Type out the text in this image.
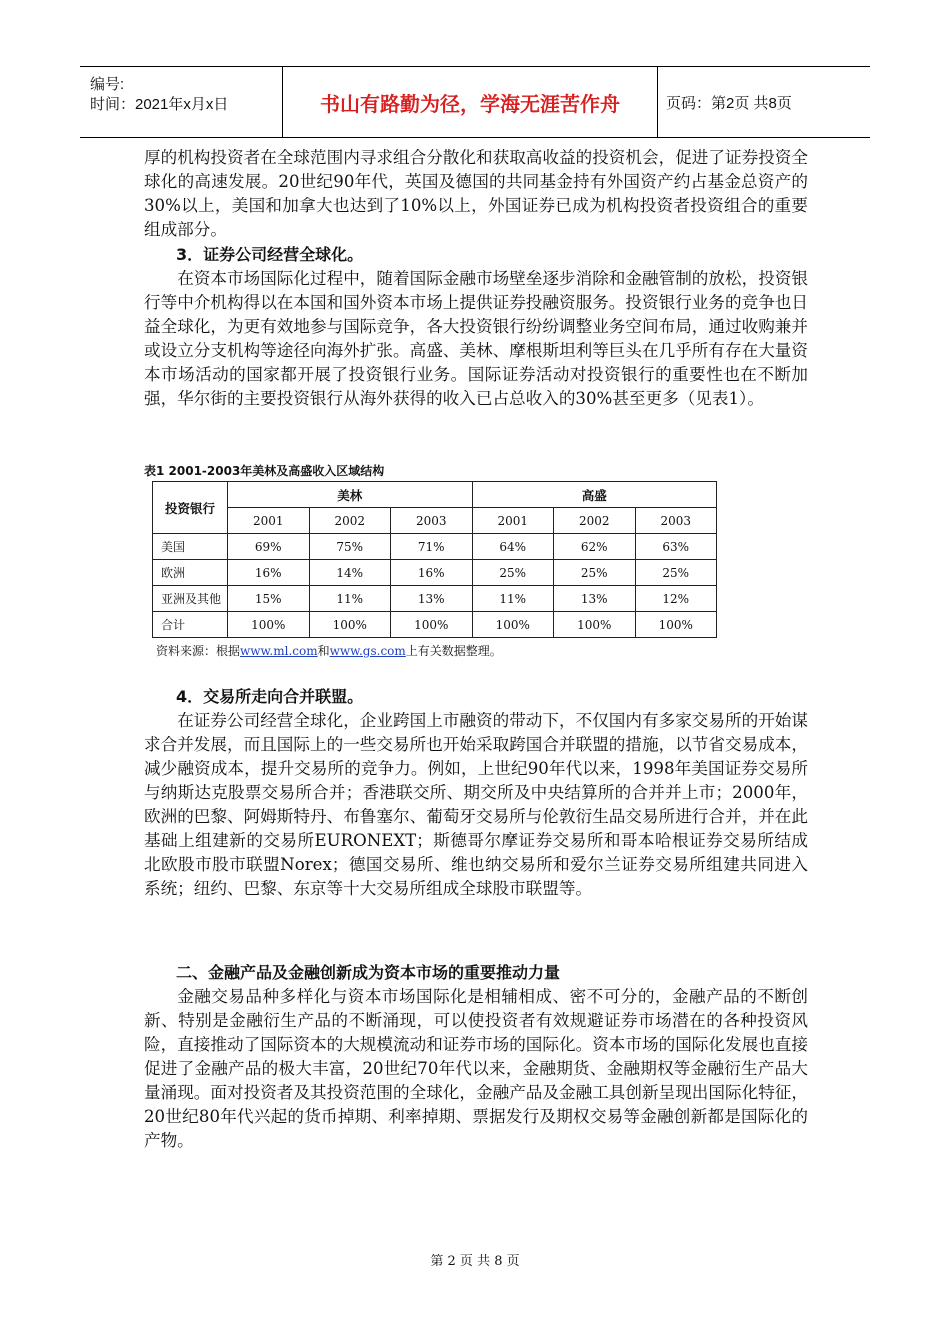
编号:
时间：2021年x月x日	书山有路勤为径，学海无涯苦作舟	页码：第2页 共8页

厚的机构投资者在全球范围内寻求组合分散化和获取高收益的投资机会，促进了证券投资全球化的高速发展。20世纪90年代，英国及德国的共同基金持有外国资产约占基金总资产的30%以上，美国和加拿大也达到了10%以上，外国证券已成为机构投资者投资组合的重要组成部分。

3．证券公司经营全球化。

在资本市场国际化过程中，随着国际金融市场壁垒逐步消除和金融管制的放松，投资银行等中介机构得以在本国和国外资本市场上提供证券投融资服务。投资银行业务的竞争也日益全球化，为更有效地参与国际竞争，各大投资银行纷纷调整业务空间布局，通过收购兼并或设立分支机构等途径向海外扩张。高盛、美林、摩根斯坦利等巨头在几乎所有存在大量资本市场活动的国家都开展了投资银行业务。国际证券活动对投资银行的重要性也在不断加强，华尔街的主要投资银行从海外获得的收入已占总收入的30%甚至更多（见表1）。

表1 2001-2003年美林及高盛收入区域结构
投资银行	美林			高盛		
	2001	2002	2003	2001	2002	2003
美国	69%	75%	71%	64%	62%	63%
欧洲	16%	14%	16%	25%	25%	25%
亚洲及其他	15%	11%	13%	11%	13%	12%
合计	100%	100%	100%	100%	100%	100%
资料来源：根据www.ml.com和www.gs.com上有关数据整理。

4．交易所走向合并联盟。

在证券公司经营全球化，企业跨国上市融资的带动下，不仅国内有多家交易所的开始谋求合并发展，而且国际上的一些交易所也开始采取跨国合并联盟的措施，以节省交易成本，减少融资成本，提升交易所的竞争力。例如，上世纪90年代以来，1998年美国证券交易所与纳斯达克股票交易所合并；香港联交所、期交所及中央结算所的合并并上市；2000年，欧洲的巴黎、阿姆斯特丹、布鲁塞尔、葡萄牙交易所与伦敦衍生品交易所进行合并，并在此基础上组建新的交易所EURONEXT；斯德哥尔摩证券交易所和哥本哈根证券交易所结成北欧股市股市联盟Norex；德国交易所、维也纳交易所和爱尔兰证券交易所组建共同进入系统；纽约、巴黎、东京等十大交易所组成全球股市联盟等。

二、金融产品及金融创新成为资本市场的重要推动力量

金融交易品种多样化与资本市场国际化是相辅相成、密不可分的，金融产品的不断创新、特别是金融衍生产品的不断涌现，可以使投资者有效规避证券市场潜在的各种投资风险，直接推动了国际资本的大规模流动和证券市场的国际化。资本市场的国际化发展也直接促进了金融产品的极大丰富，20世纪70年代以来，金融期货、金融期权等金融衍生产品大量涌现。面对投资者及其投资范围的全球化，金融产品及金融工具创新呈现出国际化特征，20世纪80年代兴起的货币掉期、利率掉期、票据发行及期权交易等金融创新都是国际化的产物。

第 2 页 共 8 页
